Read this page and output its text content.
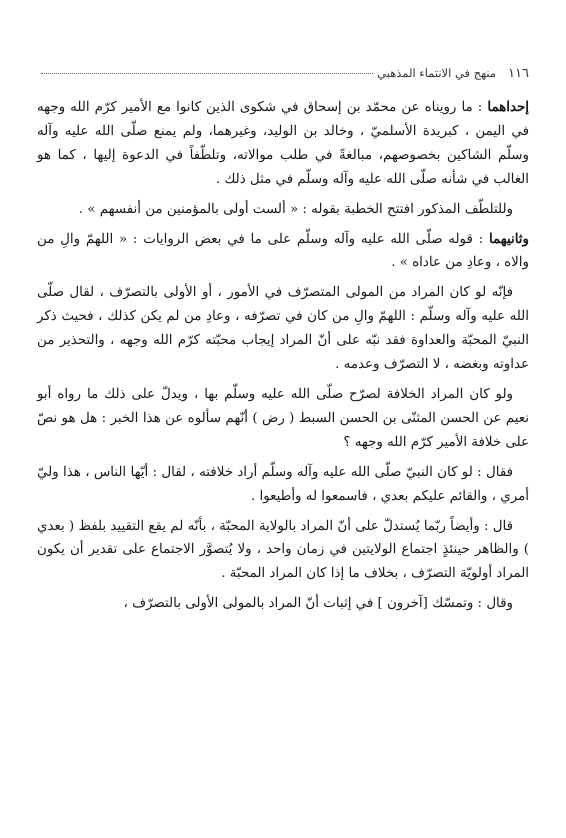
١١٦
منهج في الانتماء المذهبي

إحداهما : ما رويناه عن محمّد بن إسحاق في شكوى الذين كانوا مع الأمير كرّم الله وجهه في اليمن ، كبريدة الأسلميّ ، وخالد بن الوليد، وغيرهما، ولم يمنع صلّى الله عليه وآله وسلّم الشاكين بخصوصهم، مبالغةً في طلب موالاته، وتلطّفاً في الدعوة إليها ، كما هو الغالب في شأنه صلّى الله عليه وآله وسلّم في مثل ذلك .

وللتلطّف المذكور افتتح الخطبة بقوله : « ألست أولى بالمؤمنين من أنفسهم » .

وثانيهما : قوله صلّى الله عليه وآله وسلّم على ما في بعض الروايات : « اللهمّ والِ من والاه ، وعادِ من عاداه » .

فإنّه لو كان المراد من المولى المتصرّف في الأمور ، أو الأولى بالتصرّف ، لقال صلّى الله عليه وآله وسلّم : اللهمّ والِ من كان في تصرّفه ، وعادِ من لم يكن كذلك ، فحيث ذكر النبيّ المحبّة والعداوة فقد نبّه على أنّ المراد إيجاب محبّته كرّم الله وجهه ، والتحذير من عداوته وبغضه ، لا التصرّف وعدمه .

ولو كان المراد الخلافة لصرّح صلّى الله عليه وسلّم بها ، ويدلّ على ذلك ما رواه أبو نعيم عن الحسن المثنّى بن الحسن السبط ( رض ) أنّهم سألوه عن هذا الخبر : هل هو نصّ على خلافة الأمير كرّم الله وجهه ؟

فقال : لو كان النبيّ صلّى الله عليه وآله وسلّم أراد خلافته ، لقال : أيّها الناس ، هذا وليّ أمري ، والقائم عليكم بعدي ، فاسمعوا له وأطيعوا .

قال : وأيضاً ربّما يُستدلّ على أنّ المراد بالولاية المحبّة ، بأنّه لم يقع التقييد بلفظ ( بعدي ) والظاهر حينئذٍ اجتماع الولايتين في زمان واحد ، ولا يُتصوَّر الاجتماع على تقدير أن يكون المراد أولويّة التصرّف ، بخلاف ما إذا كان المراد المحبّة .

وقال : وتمسّك [آخرون ] في إثبات أنّ المراد بالمولى الأولى بالتصرّف ،
